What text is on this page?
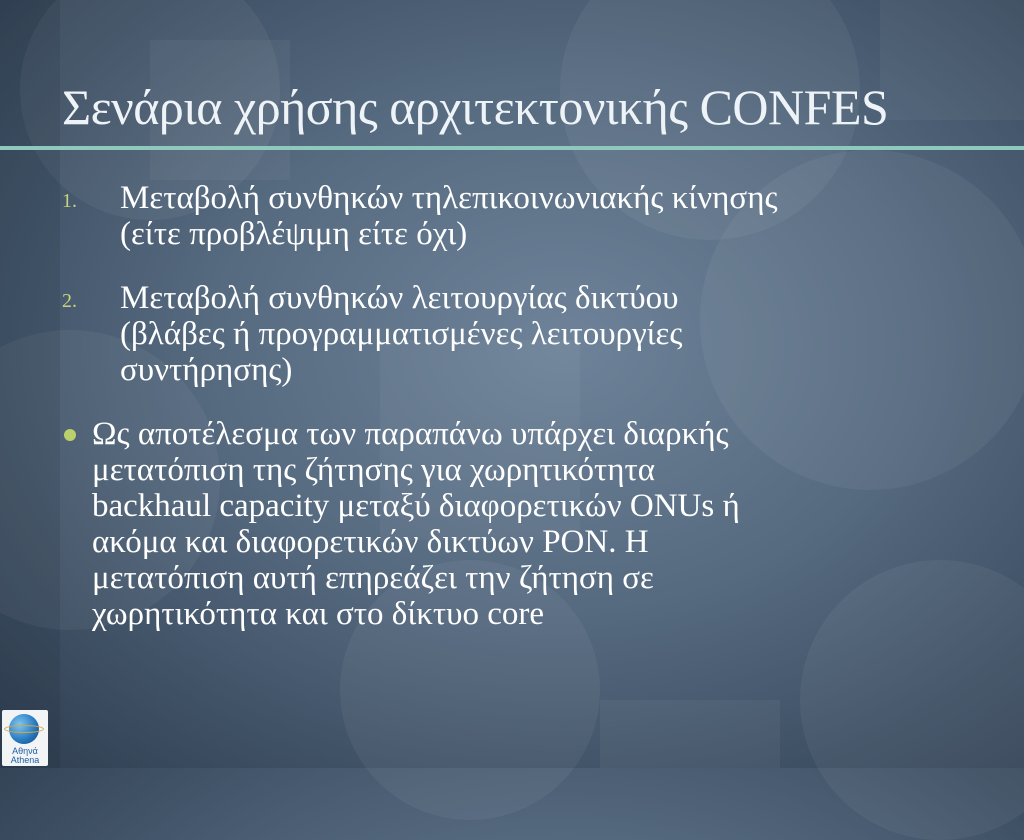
Σενάρια χρήσης αρχιτεκτονικής CONFES
1. Μεταβολή συνθηκών τηλεπικοινωνιακής κίνησης
(είτε προβλέψιμη είτε όχι)
2. Μεταβολή συνθηκών λειτουργίας δικτύου
(βλάβες ή προγραμματισμένες λειτουργίες
συντήρησης)
Ως αποτέλεσμα των παραπάνω υπάρχει διαρκής
μετατόπιση της ζήτησης για χωρητικότητα
backhaul capacity μεταξύ διαφορετικών ONUs ή
ακόμα και διαφορετικών δικτύων PON. Η
μετατόπιση αυτή επηρεάζει την ζήτηση σε
χωρητικότητα και στο δίκτυο core
Αθηνά
Athena
